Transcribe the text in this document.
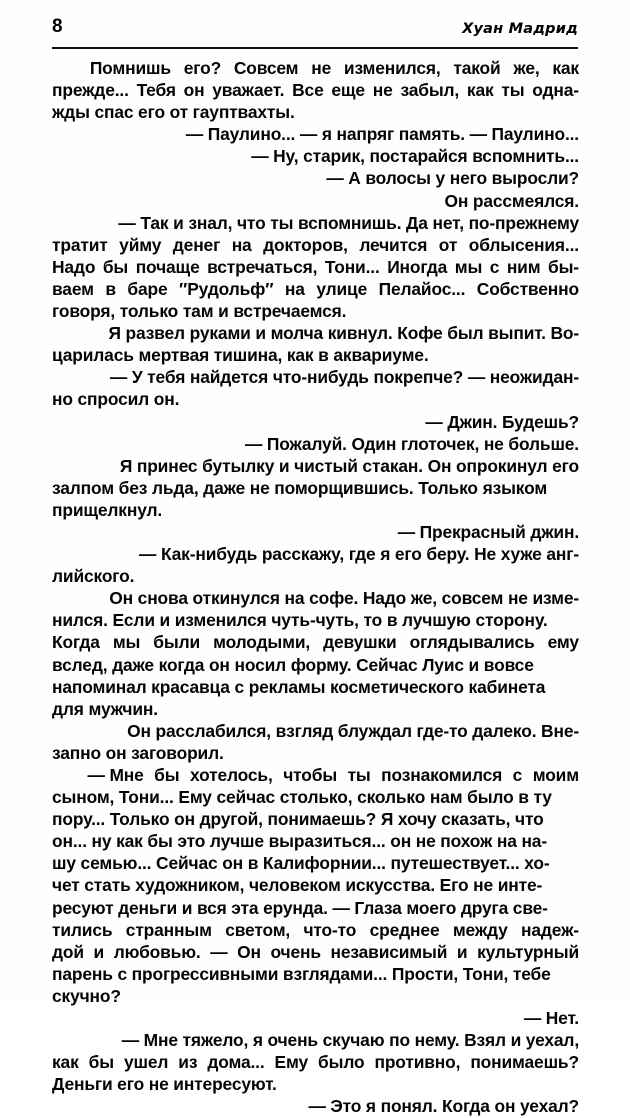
8	Хуан Мадрид

Помнишь его? Совсем не изменился, такой же, как
прежде... Тебя он уважает. Все еще не забыл, как ты одна-
жды спас его от гауптвахты.

— Паулино... — я напряг память. — Паулино...

— Ну, старик, постарайся вспомнить...

— А волосы у него выросли?

Он рассмеялся.

— Так и знал, что ты вспомнишь. Да нет, по-прежнему
тратит уйму денег на докторов, лечится от облысения...
Надо бы почаще встречаться, Тони... Иногда мы с ним бы-
ваем в баре ″Рудольф″ на улице Пелайос... Собственно
говоря, только там и встречаемся.

Я развел руками и молча кивнул. Кофе был выпит. Во-
царилась мертвая тишина, как в аквариуме.

— У тебя найдется что-нибудь покрепче? — неожидан-
но спросил он.

— Джин. Будешь?

— Пожалуй. Один глоточек, не больше.

Я принес бутылку и чистый стакан. Он опрокинул его
залпом без льда, даже не поморщившись. Только языком
прищелкнул.

— Прекрасный джин.

— Как-нибудь расскажу, где я его беру. Не хуже анг-
лийского.

Он снова откинулся на софе. Надо же, совсем не изме-
нился. Если и изменился чуть-чуть, то в лучшую сторону.
Когда мы были молодыми, девушки оглядывались ему
вслед, даже когда он носил форму. Сейчас Луис и вовсе
напоминал красавца с рекламы косметического кабинета
для мужчин.

Он расслабился, взгляд блуждал где-то далеко. Вне-
запно он заговорил.

— Мне бы хотелось, чтобы ты познакомился с моим
сыном, Тони... Ему сейчас столько, сколько нам было в ту
пору... Только он другой, понимаешь? Я хочу сказать, что
он... ну как бы это лучше выразиться... он не похож на на-
шу семью... Сейчас он в Калифорнии... путешествует... хо-
чет стать художником, человеком искусства. Его не инте-
ресуют деньги и вся эта ерунда. — Глаза моего друга све-
тились странным светом, что-то среднее между надеж-
дой и любовью. — Он очень независимый и культурный
парень с прогрессивными взглядами... Прости, Тони, тебе
скучно?

— Нет.

— Мне тяжело, я очень скучаю по нему. Взял и уехал,
как бы ушел из дома... Ему было противно, понимаешь?
Деньги его не интересуют.

— Это я понял. Когда он уехал?
